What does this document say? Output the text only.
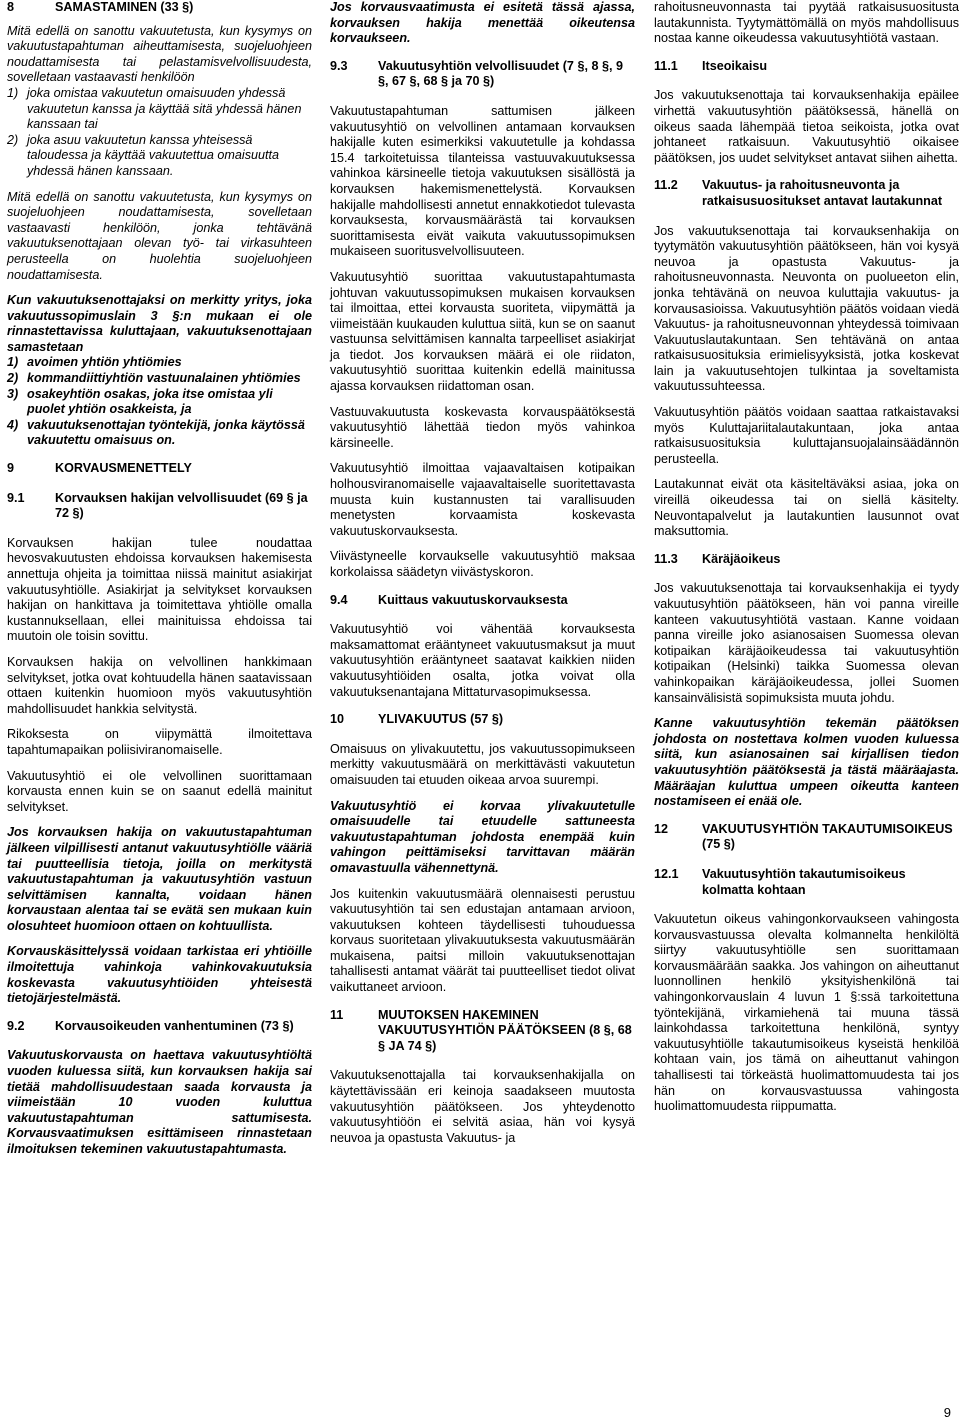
8	SAMASTAMINEN (33 §)
Mitä edellä on sanottu vakuutetusta, kun kysymys on vakuutustapahtuman aiheuttamisesta, suojeluohjeen noudattamisesta tai pelastamisvelvollisuudesta, sovelletaan vastaavasti henkilöön
1) joka omistaa vakuutetun omaisuuden yhdessä vakuutetun kanssa ja käyttää sitä yhdessä hänen kanssaan tai
2) joka asuu vakuutetun kanssa yhteisessä taloudessa ja käyttää vakuutettua omaisuutta yhdessä hänen kanssaan.
Mitä edellä on sanottu vakuutetusta, kun kysymys on suojeluohjeen noudattamisesta, sovelletaan vastaavasti henkilöön, jonka tehtävänä vakuutuksenottajaan olevan työ- tai virkasuhteen perusteella on huolehtia suojeluohjeen noudattamisesta.
Kun vakuutuksenottajaksi on merkitty yritys, joka vakuutussopimuslain 3 §:n mukaan ei ole rinnastettavissa kuluttajaan, vakuutuksenottajaan samastetaan
1) avoimen yhtiön yhtiömies
2) kommandiittiyhtiön vastuunalainen yhtiömies
3) osakeyhtiön osakas, joka itse omistaa yli puolet yhtiön osakkeista, ja
4) vakuutuksenottajan työntekijä, jonka käytössä vakuutettu omaisuus on.
9	KORVAUSMENETTELY
9.1	Korvauksen hakijan velvollisuudet (69 § ja 72 §)
Korvauksen hakijan tulee noudattaa hevosvakuutusten ehdoissa korvauksen hakemisesta annettuja ohjeita ja toimittaa niissä mainitut asiakirjat vakuutusyhtiölle. Asiakirjat ja selvitykset korvauksen hakijan on hankittava ja toimitettava yhtiölle omalla kustannuksellaan, ellei mainituissa ehdoissa tai muutoin ole toisin sovittu.
Korvauksen hakija on velvollinen hankkimaan selvitykset, jotka ovat kohtuudella hänen saatavissaan ottaen kuitenkin huomioon myös vakuutusyhtiön mahdollisuudet hankkia selvitystä.
Rikoksesta on viipymättä ilmoitettava tapahtumapaikan poliisiviranomaiselle.
Vakuutusyhtiö ei ole velvollinen suorittamaan korvausta ennen kuin se on saanut edellä mainitut selvitykset.
Jos korvauksen hakija on vakuutustapahtuman jälkeen vilpillisesti antanut vakuutusyhtiölle vääriä tai puutteellisia tietoja, joilla on merkitystä vakuutustapahtuman ja vakuutusyhtiön vastuun selvittämisen kannalta, voidaan hänen korvaustaan alentaa tai se evätä sen mukaan kuin olosuhteet huomioon ottaen on kohtuullista.
Korvauskäsittelyssä voidaan tarkistaa eri yhtiöille ilmoitettuja vahinkoja vahinkovakuutuksia koskevasta vakuutusyhtiöiden yhteisestä tietojärjestelmästä.
9.2	Korvausoikeuden vanhentuminen (73 §)
Vakuutuskorvausta on haettava vakuutusyhtiöltä vuoden kuluessa siitä, kun korvauksen hakija sai tietää mahdollisuudestaan saada korvausta ja viimeistään 10 vuoden kuluttua vakuutustapahtuman sattumisesta. Korvausvaatimuksen esittämiseen rinnastetaan ilmoituksen tekeminen vakuutustapahtumasta.
Jos korvausvaatimusta ei esitetä tässä ajassa, korvauksen hakija menettää oikeutensa korvaukseen.
9.3	Vakuutusyhtiön velvollisuudet (7 §, 8 §, 9 §, 67 §, 68 § ja 70 §)
Vakuutustapahtuman sattumisen jälkeen vakuutusyhtiö on velvollinen antamaan korvauksen hakijalle kuten esimerkiksi vakuutetulle ja kohdassa 15.4 tarkoitetuissa tilanteissa vastuuvakuutuksessa vahinkoa kärsineelle tietoja vakuutuksen sisällöstä ja korvauksen hakemismenettelystä. Korvauksen hakijalle mahdollisesti annetut ennakkotiedot tulevasta korvauksesta, korvausmäärästä tai korvauksen suorittamisesta eivät vaikuta vakuutussopimuksen mukaiseen suoritusvelvollisuuteen.
Vakuutusyhtiö suorittaa vakuutustapahtumasta johtuvan vakuutussopimuksen mukaisen korvauksen tai ilmoittaa, ettei korvausta suoriteta, viipymättä ja viimeistään kuukauden kuluttua siitä, kun se on saanut vastuunsa selvittämisen kannalta tarpeelliset asiakirjat ja tiedot. Jos korvauksen määrä ei ole riidaton, vakuutusyhtiö suorittaa kuitenkin edellä mainitussa ajassa korvauksen riidattoman osan.
Vastuuvakuutusta koskevasta korvauspäätöksestä vakuutusyhtiö lähettää tiedon myös vahinkoa kärsineelle.
Vakuutusyhtiö ilmoittaa vajaavaltaisen kotipaikan holhousviranomaiselle vajaavaltaiselle suoritettavasta muusta kuin kustannusten tai varallisuuden menetysten korvaamista koskevasta vakuutuskorvauksesta.
Viivästyneelle korvaukselle vakuutusyhtiö maksaa korkolaissa säädetyn viivästyskoron.
9.4	Kuittaus vakuutuskorvauksesta
Vakuutusyhtiö voi vähentää korvauksesta maksamattomat erääntyneet vakuutusmaksut ja muut vakuutusyhtiön erääntyneet saatavat kaikkien niiden vakuutusyhtiöiden osalta, jotka voivat olla vakuutuksenantajana Mittaturvasopimuksessa.
10	YLIVAKUUTUS (57 §)
Omaisuus on ylivakuutettu, jos vakuutussopimukseen merkitty vakuutusmäärä on merkittävästi vakuutetun omaisuuden tai etuuden oikeaa arvoa suurempi.
Vakuutusyhtiö ei korvaa ylivakuutetulle omaisuudelle tai etuudelle sattuneesta vakuutustapahtuman johdosta enempää kuin vahingon peittämiseksi tarvittavan määrän omavastuulla vähennettynä.
Jos kuitenkin vakuutusmäärä olennaisesti perustuu vakuutusyhtiön tai sen edustajan antamaan arvioon, vakuutuksen kohteen täydellisesti tuhouduessa korvaus suoritetaan ylivakuutuksesta vakuutusmäärän mukaisena, paitsi milloin vakuutuksenottajan tahallisesti antamat väärät tai puutteelliset tiedot olivat vaikuttaneet arvioon.
11	MUUTOKSEN HAKEMINEN VAKUUTUSYHTIÖN PÄÄTÖKSEEN (8 §, 68 § JA 74 §)
Vakuutuksenottajalla tai korvauksenhakijalla on käytettävissään eri keinoja saadakseen muutosta vakuutusyhtiön päätökseen. Jos yhteydenotto vakuutusyhtiöön ei selvitä asiaa, hän voi kysyä neuvoa ja opastusta Vakuutus- ja
rahoitusneuvonnasta tai pyytää ratkaisusuositusta lautakunnista. Tyytymättömällä on myös mahdollisuus nostaa kanne oikeudessa vakuutusyhtiötä vastaan.
11.1	Itseoikaisu
Jos vakuutuksenottaja tai korvauksenhakija epäilee virhettä vakuutusyhtiön päätöksessä, hänellä on oikeus saada lähempää tietoa seikoista, jotka ovat johtaneet ratkaisuun. Vakuutusyhtiö oikaisee päätöksen, jos uudet selvitykset antavat siihen aihetta.
11.2	Vakuutus- ja rahoitusneuvonta ja ratkaisusuositukset antavat lautakunnat
Jos vakuutuksenottaja tai korvauksenhakija on tyytymätön vakuutusyhtiön päätökseen, hän voi kysyä neuvoa ja opastusta Vakuutus- ja rahoitusneuvonnasta. Neuvonta on puolueeton elin, jonka tehtävänä on neuvoa kuluttajia vakuutus- ja korvausasioissa. Vakuutusyhtiön päätös voidaan viedä Vakuutus- ja rahoitusneuvonnan yhteydessä toimivaan Vakuutuslautakuntaan. Sen tehtävänä on antaa ratkaisusuosituksia erimielisyyksistä, jotka koskevat lain ja vakuutusehtojen tulkintaa ja soveltamista vakuutussuhteessa.
Vakuutusyhtiön päätös voidaan saattaa ratkaistavaksi myös Kuluttajariitalautakuntaan, joka antaa ratkaisusuosituksia kuluttajansuojalainsäädännön perusteella.
Lautakunnat eivät ota käsiteltäväksi asiaa, joka on vireillä oikeudessa tai on siellä käsitelty. Neuvontapalvelut ja lautakuntien lausunnot ovat maksuttomia.
11.3	Käräjäoikeus
Jos vakuutuksenottaja tai korvauksenhakija ei tyydy vakuutusyhtiön päätökseen, hän voi panna vireille kanteen vakuutusyhtiötä vastaan. Kanne voidaan panna vireille joko asianosaisen Suomessa olevan kotipaikan käräjäoikeudessa tai vakuutusyhtiön kotipaikan (Helsinki) taikka Suomessa olevan vahinkopaikan käräjäoikeudessa, jollei Suomen kansainvälisistä sopimuksista muuta johdu.
Kanne vakuutusyhtiön tekemän päätöksen johdosta on nostettava kolmen vuoden kuluessa siitä, kun asianosainen sai kirjallisen tiedon vakuutusyhtiön päätöksestä ja tästä määräajasta. Määräajan kuluttua umpeen oikeutta kanteen nostamiseen ei enää ole.
12	VAKUUTUSYHTIÖN TAKAUTUMISOIKEUS (75 §)
12.1	Vakuutusyhtiön takautumisoikeus kolmatta kohtaan
Vakuutetun oikeus vahingonkorvaukseen vahingosta korvausvastuussa olevalta kolmannelta henkilöltä siirtyy vakuutusyhtiölle sen suorittamaan korvausmäärään saakka. Jos vahingon on aiheuttanut luonnollinen henkilö yksityishenkilönä tai vahingonkorvauslain 4 luvun 1 §:ssä tarkoitettuna työntekijänä, virkamiehenä tai muuna tässä lainkohdassa tarkoitettuna henkilönä, syntyy vakuutusyhtiölle takautumisoikeus kyseistä henkilöä kohtaan vain, jos tämä on aiheuttanut vahingon tahallisesti tai törkeästä huolimattomuudesta tai jos hän on korvausvastuussa vahingosta huolimattomuudesta riippumatta.
9
